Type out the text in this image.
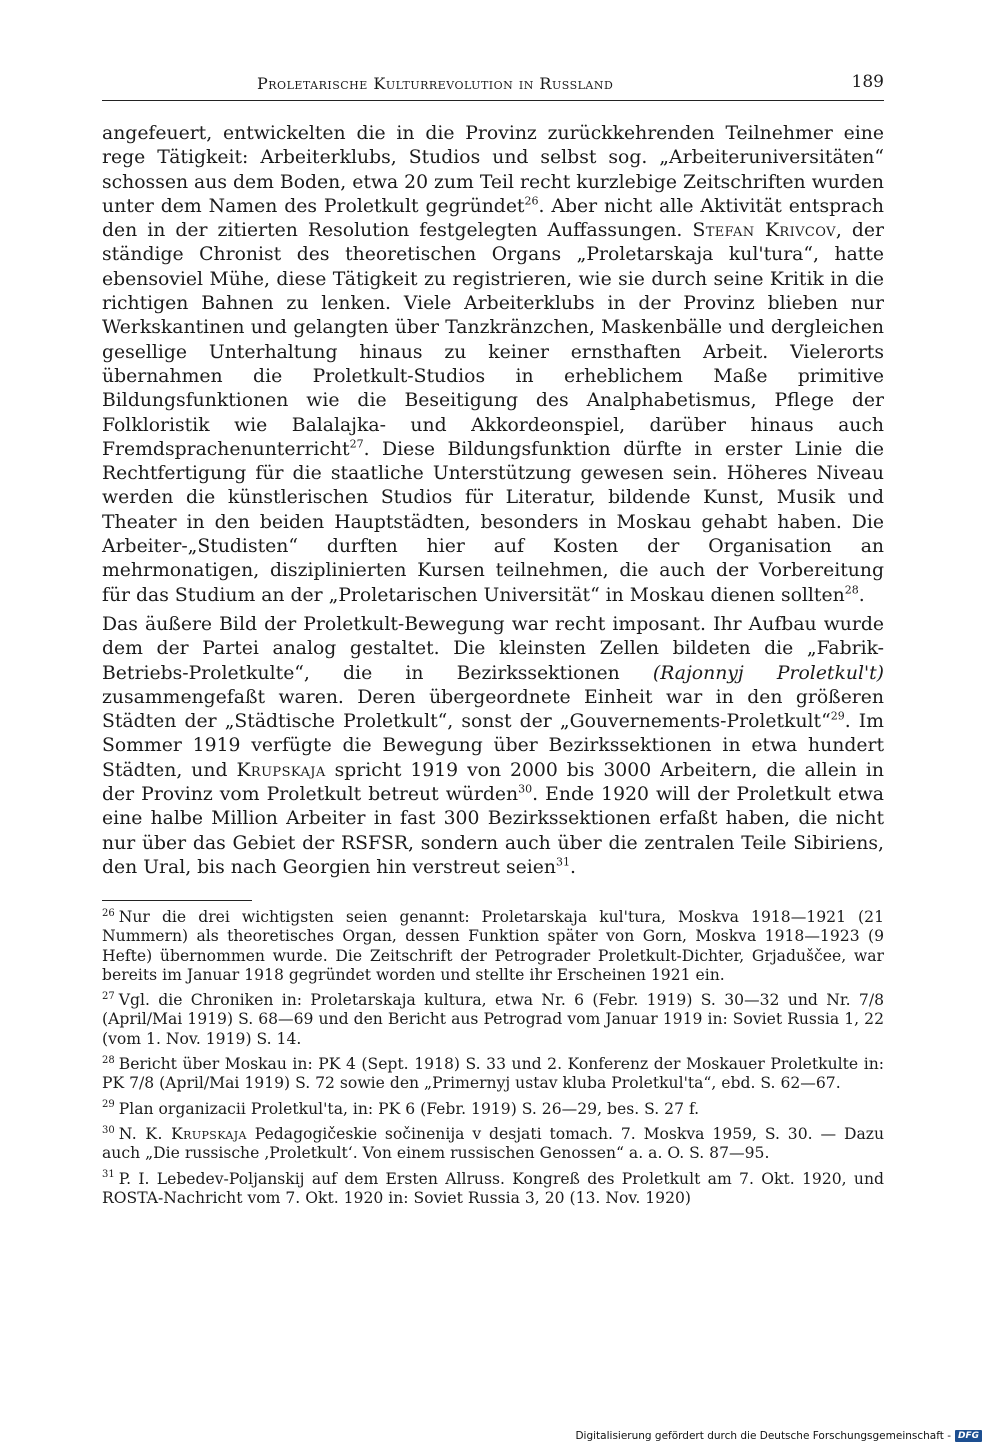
Proletarische Kulturrevolution in Russland	189

angefeuert, entwickelten die in die Provinz zurückkehrenden Teilnehmer eine rege Tätigkeit: Arbeiterklubs, Studios und selbst sog. „Arbeiteruniversitäten“ schossen aus dem Boden, etwa 20 zum Teil recht kurzlebige Zeitschriften wurden unter dem Namen des Proletkult gegründet$^{26}$. Aber nicht alle Aktivität entsprach den in der zitierten Resolution festgelegten Auffassungen. Stefan Krivcov, der ständige Chronist des theoretischen Organs „Proletarskaja kul'tura“, hatte ebensoviel Mühe, diese Tätigkeit zu registrieren, wie sie durch seine Kritik in die richtigen Bahnen zu lenken. Viele Arbeiterklubs in der Provinz blieben nur Werkskantinen und gelangten über Tanzkränzchen, Maskenbälle und dergleichen gesellige Unterhaltung hinaus zu keiner ernsthaften Arbeit. Vielerorts übernahmen die Proletkult-Studios in erheblichem Maße primitive Bildungsfunktionen wie die Beseitigung des Analphabetismus, Pflege der Folkloristik wie Balalajka- und Akkordeonspiel, darüber hinaus auch Fremdsprachenunterricht$^{27}$. Diese Bildungsfunktion dürfte in erster Linie die Rechtfertigung für die staatliche Unterstützung gewesen sein. Höheres Niveau werden die künstlerischen Studios für Literatur, bildende Kunst, Musik und Theater in den beiden Hauptstädten, besonders in Moskau gehabt haben. Die Arbeiter-„Studisten“ durften hier auf Kosten der Organisation an mehrmonatigen, disziplinierten Kursen teilnehmen, die auch der Vorbereitung für das Studium an der „Proletarischen Universität“ in Moskau dienen sollten$^{28}$.

Das äußere Bild der Proletkult-Bewegung war recht imposant. Ihr Aufbau wurde dem der Partei analog gestaltet. Die kleinsten Zellen bildeten die „Fabrik-Betriebs-Proletkulte“, die in Bezirkssektionen (Rajonnyj Proletkul't) zusammengefaßt waren. Deren übergeordnete Einheit war in den größeren Städten der „Städtische Proletkult“, sonst der „Gouvernements-Proletkult“$^{29}$. Im Sommer 1919 verfügte die Bewegung über Bezirkssektionen in etwa hundert Städten, und Krupskaja spricht 1919 von 2000 bis 3000 Arbeitern, die allein in der Provinz vom Proletkult betreut würden$^{30}$. Ende 1920 will der Proletkult etwa eine halbe Million Arbeiter in fast 300 Bezirkssektionen erfaßt haben, die nicht nur über das Gebiet der RSFSR, sondern auch über die zentralen Teile Sibiriens, den Ural, bis nach Georgien hin verstreut seien$^{31}$.

$^{26}$ Nur die drei wichtigsten seien genannt: Proletarskaja kul'tura, Moskva 1918—1921 (21 Nummern) als theoretisches Organ, dessen Funktion später von Gorn, Moskva 1918—1923 (9 Hefte) übernommen wurde. Die Zeitschrift der Petrograder Proletkult-Dichter, Grjaduščee, war bereits im Januar 1918 gegründet worden und stellte ihr Erscheinen 1921 ein.

$^{27}$ Vgl. die Chroniken in: Proletarskaja kultura, etwa Nr. 6 (Febr. 1919) S. 30—32 und Nr. 7/8 (April/Mai 1919) S. 68—69 und den Bericht aus Petrograd vom Januar 1919 in: Soviet Russia 1, 22 (vom 1. Nov. 1919) S. 14.

$^{28}$ Bericht über Moskau in: PK 4 (Sept. 1918) S. 33 und 2. Konferenz der Moskauer Proletkulte in: PK 7/8 (April/Mai 1919) S. 72 sowie den „Primernyj ustav kluba Proletkul'ta“, ebd. S. 62—67.

$^{29}$ Plan organizacii Proletkul'ta, in: PK 6 (Febr. 1919) S. 26—29, bes. S. 27 f.

$^{30}$ N. K. Krupskaja Pedagogičeskie sočinenija v desjati tomach. 7. Moskva 1959, S. 30. — Dazu auch „Die russische ‚Proletkult‘. Von einem russischen Genossen“ a. a. O. S. 87—95.

$^{31}$ P. I. Lebedev-Poljanskij auf dem Ersten Allruss. Kongreß des Proletkult am 7. Okt. 1920, und ROSTA-Nachricht vom 7. Okt. 1920 in: Soviet Russia 3, 20 (13. Nov. 1920)

Digitalisierung gefördert durch die Deutsche Forschungsgemeinschaft - DFG
